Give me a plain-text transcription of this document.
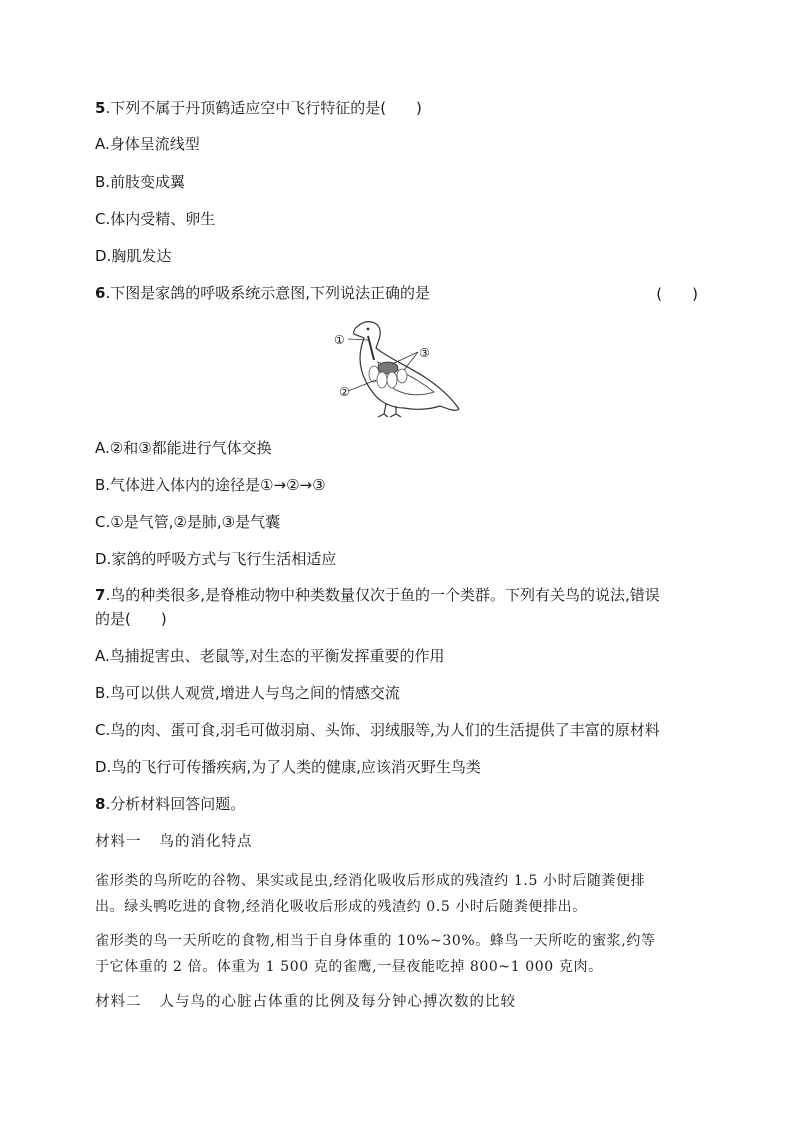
5.下列不属于丹顶鹤适应空中飞行特征的是(　　)
A.身体呈流线型
B.前肢变成翼
C.体内受精、卵生
D.胸肌发达
6.下图是家鸽的呼吸系统示意图,下列说法正确的是	(　　)
①
③
②
A.②和③都能进行气体交换
B.气体进入体内的途径是①→②→③
C.①是气管,②是肺,③是气囊
D.家鸽的呼吸方式与飞行生活相适应
7.鸟的种类很多,是脊椎动物中种类数量仅次于鱼的一个类群。下列有关鸟的说法,错误
的是(　　)
A.鸟捕捉害虫、老鼠等,对生态的平衡发挥重要的作用
B.鸟可以供人观赏,增进人与鸟之间的情感交流
C.鸟的肉、蛋可食,羽毛可做羽扇、头饰、羽绒服等,为人们的生活提供了丰富的原材料
D.鸟的飞行可传播疾病,为了人类的健康,应该消灭野生鸟类
8.分析材料回答问题。
材料一 鸟的消化特点
雀形类的鸟所吃的谷物、果实或昆虫,经消化吸收后形成的残渣约 1.5 小时后随粪便排
出。绿头鸭吃进的食物,经消化吸收后形成的残渣约 0.5 小时后随粪便排出。
雀形类的鸟一天所吃的食物,相当于自身体重的 10%~30%。蜂鸟一天所吃的蜜浆,约等
于它体重的 2 倍。体重为 1 500 克的雀鹰,一昼夜能吃掉 800~1 000 克肉。
材料二 人与鸟的心脏占体重的比例及每分钟心搏次数的比较
